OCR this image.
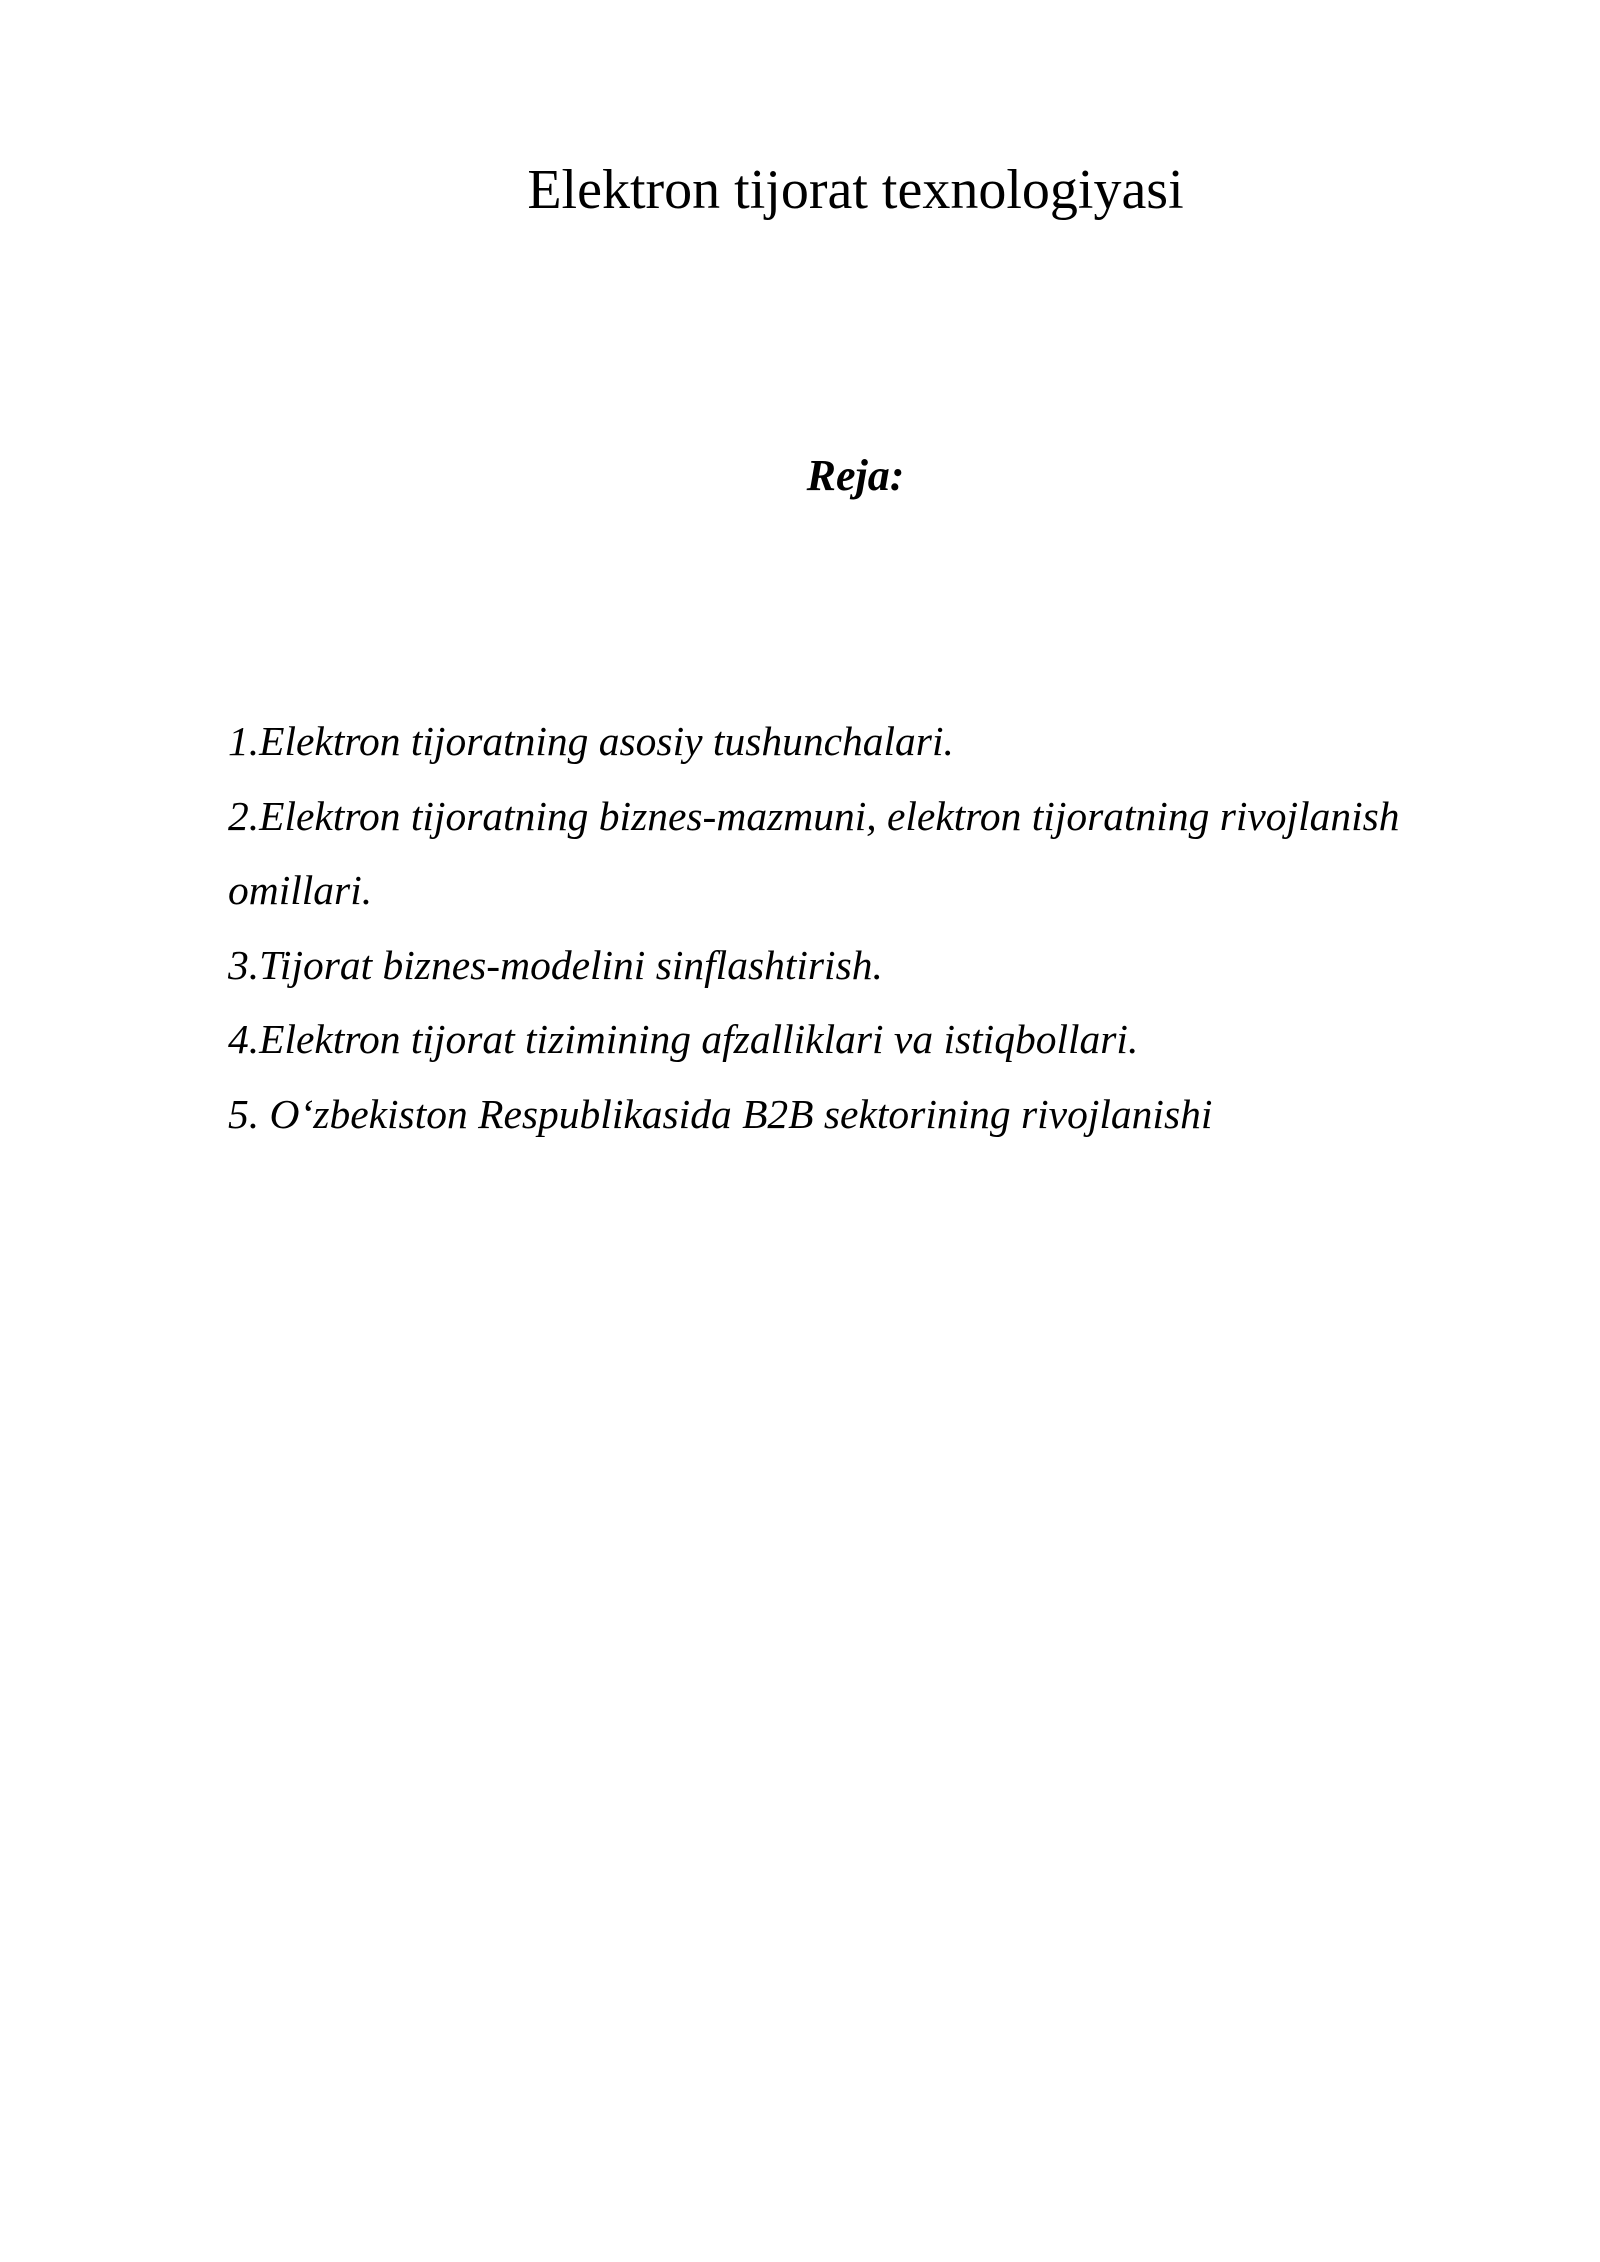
Elektron tijorat texnologiyasi
Reja:
1.Elektron tijoratning asosiy tushunchalari.
2.Elektron tijoratning biznes-mazmuni, elektron tijoratning rivojlanish omillari.
3.Tijorat biznes-modelini sinflashtirish.
4.Elektron tijorat tizimining afzalliklari va istiqbollari.
5. O‘zbekiston Respublikasida B2B sektorining rivojlanishi
